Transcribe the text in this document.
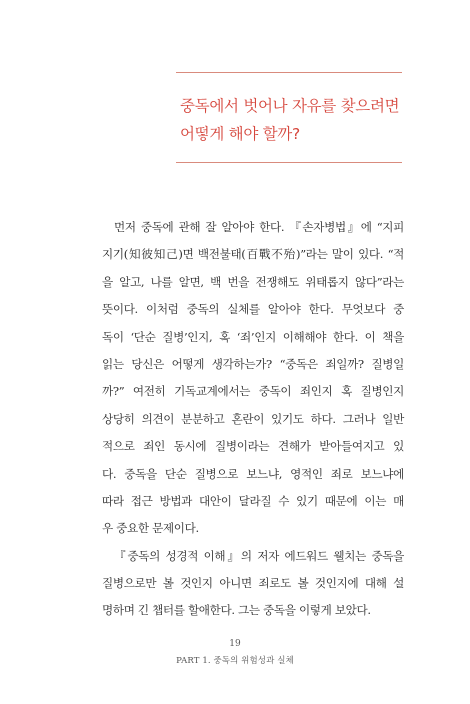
중독에서 벗어나 자유를 찾으려면
어떻게 해야 할까?
먼저 중독에 관해 잘 알아야 한다. 『손자병법』에 “지피
지기(知彼知己)면 백전불태(百戰不殆)”라는 말이 있다. “적
을 알고, 나를 알면, 백 번을 전쟁해도 위태롭지 않다”라는
뜻이다. 이처럼 중독의 실체를 알아야 한다. 무엇보다 중
독이 ‘단순 질병’인지, 혹 ‘죄’인지 이해해야 한다. 이 책을
읽는 당신은 어떻게 생각하는가? “중독은 죄일까? 질병일
까?” 여전히 기독교계에서는 중독이 죄인지 혹 질병인지
상당히 의견이 분분하고 혼란이 있기도 하다. 그러나 일반
적으로 죄인 동시에 질병이라는 견해가 받아들여지고 있
다. 중독을 단순 질병으로 보느냐, 영적인 죄로 보느냐에
따라 접근 방법과 대안이 달라질 수 있기 때문에 이는 매
우 중요한 문제이다.
『중독의 성경적 이해』의 저자 에드워드 웰치는 중독을
질병으로만 볼 것인지 아니면 죄로도 볼 것인지에 대해 설
명하며 긴 챕터를 할애한다. 그는 중독을 이렇게 보았다.
19
PART 1. 중독의 위험성과 실체
